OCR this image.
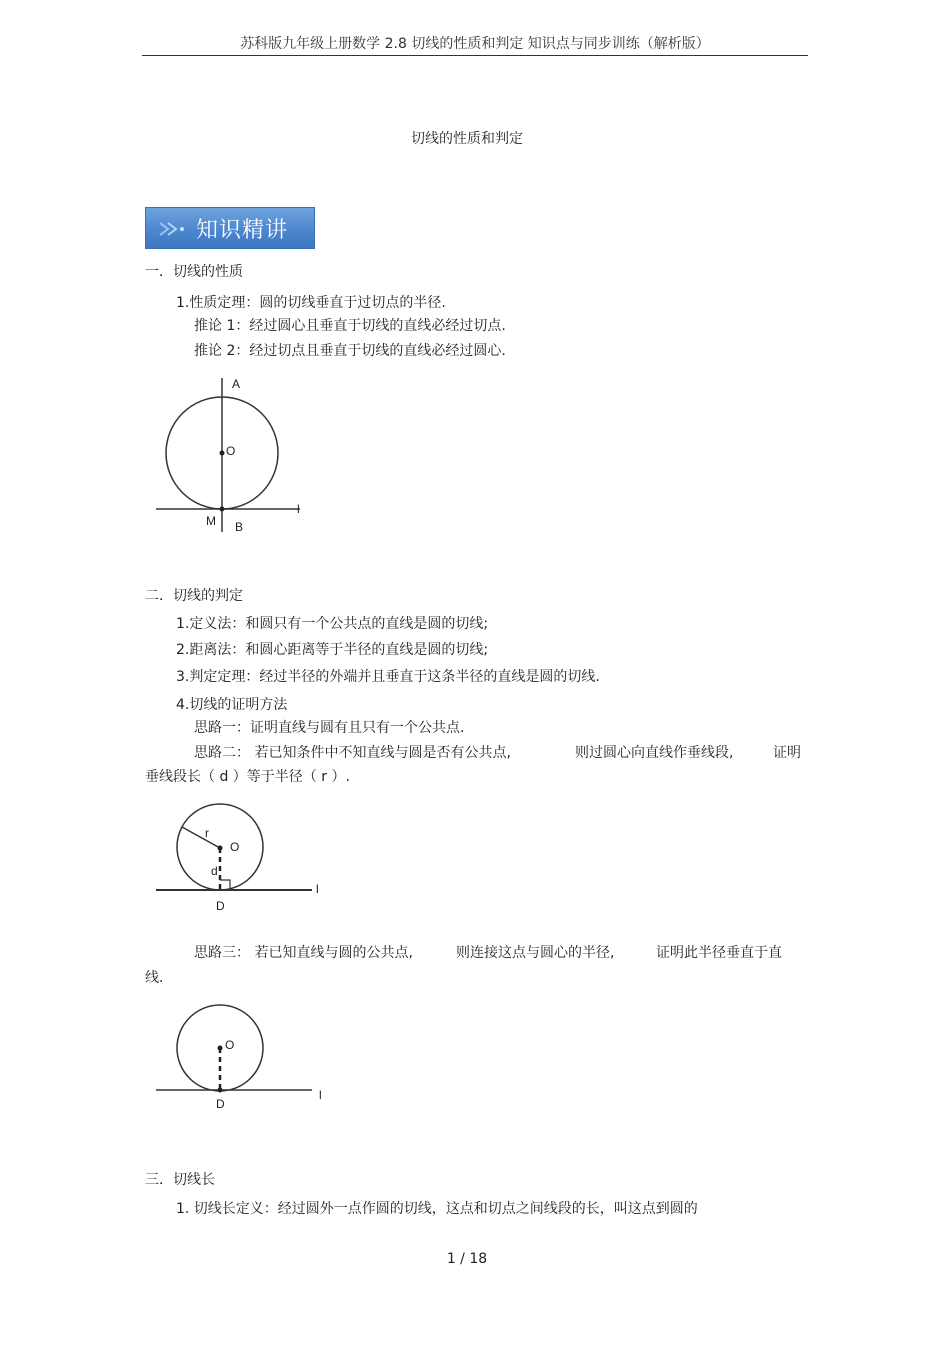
苏科版九年级上册数学 2.8 切线的性质和判定 知识点与同步训练（解析版）
切线的性质和判定
知识精讲
一．切线的性质
1.性质定理：圆的切线垂直于过切点的半径.
推论 1：经过圆心且垂直于切线的直线必经过切点.
推论 2：经过切点且垂直于切线的直线必经过圆心.
A
O
M B
l
二．切线的判定
1.定义法：和圆只有一个公共点的直线是圆的切线;
2.距离法：和圆心距离等于半径的直线是圆的切线;
3.判定定理：经过半径的外端并且垂直于这条半径的直线是圆的切线.
4.切线的证明方法
思路一：证明直线与圆有且只有一个公共点.
思路二： 若已知条件中不知直线与圆是否有公共点,	则过圆心向直线作垂线段,	证明
垂线段长（ d ）等于半径（ r ）.
r
O
d
D
l
思路三： 若已知直线与圆的公共点,	则连接这点与圆心的半径,	证明此半径垂直于直
线.
O
D
l
三．切线长
1. 切线长定义：经过圆外一点作圆的切线，这点和切点之间线段的长，叫这点到圆的
1 / 18
